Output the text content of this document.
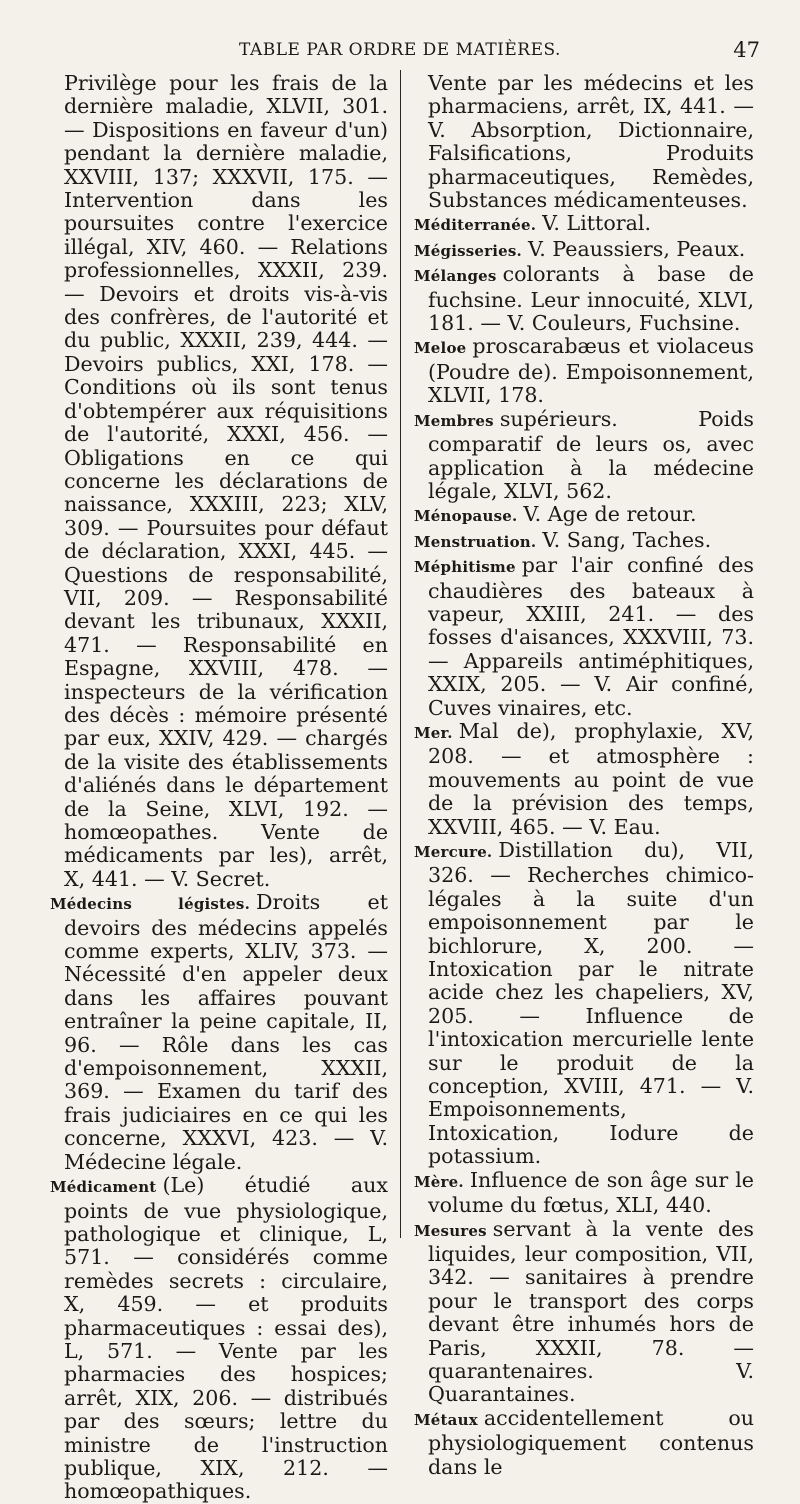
TABLE PAR ORDRE DE MATIÈRES.	47

Privilège pour les frais de la dernière maladie, XLVII, 301. — Dispositions en faveur d'un) pendant la dernière maladie, XXVIII, 137; XXXVII, 175. — Intervention dans les poursuites contre l'exercice illégal, XIV, 460. — Relations professionnelles, XXXII, 239. — Devoirs et droits vis-à-vis des confrères, de l'autorité et du public, XXXII, 239, 444. — Devoirs publics, XXI, 178. — Conditions où ils sont tenus d'obtempérer aux réquisitions de l'autorité, XXXI, 456. — Obligations en ce qui concerne les déclarations de naissance, XXXIII, 223; XLV, 309. — Poursuites pour défaut de déclaration, XXXI, 445. — Questions de responsabilité, VII, 209. — Responsabilité devant les tribunaux, XXXII, 471. — Responsabilité en Espagne, XXVIII, 478. — inspecteurs de la vérification des décès : mémoire présenté par eux, XXIV, 429. — chargés de la visite des établissements d'aliénés dans le département de la Seine, XLVI, 192. — homœopathes. Vente de médicaments par les), arrêt, X, 441. — V. Secret.

Médecins légistes. Droits et devoirs des médecins appelés comme experts, XLIV, 373. — Nécessité d'en appeler deux dans les affaires pouvant entraîner la peine capitale, II, 96. — Rôle dans les cas d'empoisonnement, XXXII, 369. — Examen du tarif des frais judiciaires en ce qui les concerne, XXXVI, 423. — V. Médecine légale.

Médicament (Le) étudié aux points de vue physiologique, pathologique et clinique, L, 571. — considérés comme remèdes secrets : circulaire, X, 459. — et produits pharmaceutiques : essai des), L, 571. — Vente par les pharmacies des hospices; arrêt, XIX, 206. — distribués par des sœurs; lettre du ministre de l'instruction publique, XIX, 212. — homœopathiques.

Vente par les médecins et les pharmaciens, arrêt, IX, 441. — V. Absorption, Dictionnaire, Falsifications, Produits pharmaceutiques, Remèdes, Substances médicamenteuses.

Méditerranée. V. Littoral.

Mégisseries. V. Peaussiers, Peaux.

Mélanges colorants à base de fuchsine. Leur innocuité, XLVI, 181. — V. Couleurs, Fuchsine.

Meloe proscarabæus et violaceus (Poudre de). Empoisonnement, XLVII, 178.

Membres supérieurs. Poids comparatif de leurs os, avec application à la médecine légale, XLVI, 562.

Ménopause. V. Age de retour.

Menstruation. V. Sang, Taches.

Méphitisme par l'air confiné des chaudières des bateaux à vapeur, XXIII, 241. — des fosses d'aisances, XXXVIII, 73. — Appareils antiméphitiques, XXIX, 205. — V. Air confiné, Cuves vinaires, etc.

Mer. Mal de), prophylaxie, XV, 208. — et atmosphère : mouvements au point de vue de la prévision des temps, XXVIII, 465. — V. Eau.

Mercure. Distillation du), VII, 326. — Recherches chimico-légales à la suite d'un empoisonnement par le bichlorure, X, 200. — Intoxication par le nitrate acide chez les chapeliers, XV, 205. — Influence de l'intoxication mercurielle lente sur le produit de la conception, XVIII, 471. — V. Empoisonnements, Intoxication, Iodure de potassium.

Mère. Influence de son âge sur le volume du fœtus, XLI, 440.

Mesures servant à la vente des liquides, leur composition, VII, 342. — sanitaires à prendre pour le transport des corps devant être inhumés hors de Paris, XXXII, 78. — quarantenaires. V. Quarantaines.

Métaux accidentellement ou physiologiquement contenus dans le
